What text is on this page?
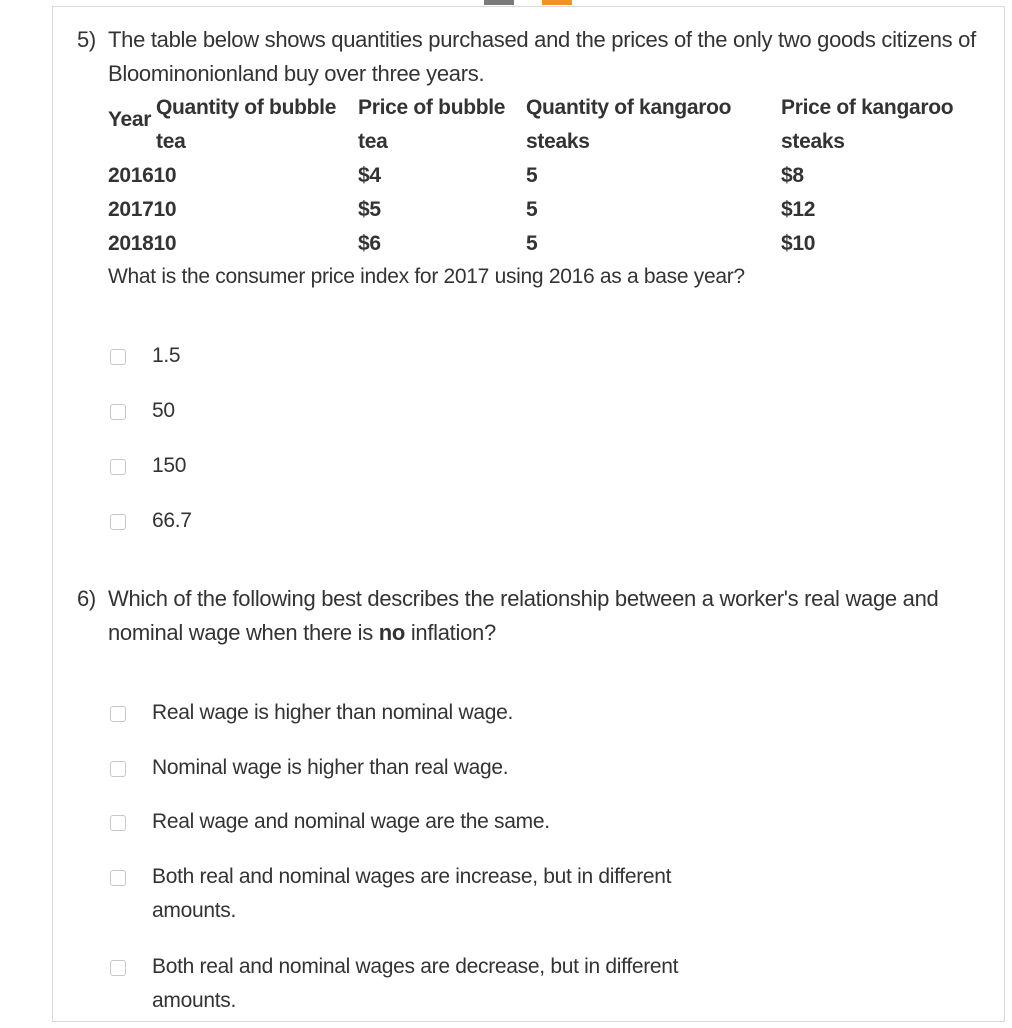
5) The table below shows quantities purchased and the prices of the only two goods citizens of Bloominonionland buy over three years.
Year	Quantity of bubble tea	Price of bubble tea	Quantity of kangaroo steaks	Price of kangaroo steaks
201610		$4	5	$8
201710		$5	5	$12
201810		$6	5	$10
What is the consumer price index for 2017 using 2016 as a base year?
1.5
50
150
66.7
6) Which of the following best describes the relationship between a worker's real wage and nominal wage when there is no inflation?
Real wage is higher than nominal wage.
Nominal wage is higher than real wage.
Real wage and nominal wage are the same.
Both real and nominal wages are increase, but in different amounts.
Both real and nominal wages are decrease, but in different amounts.
